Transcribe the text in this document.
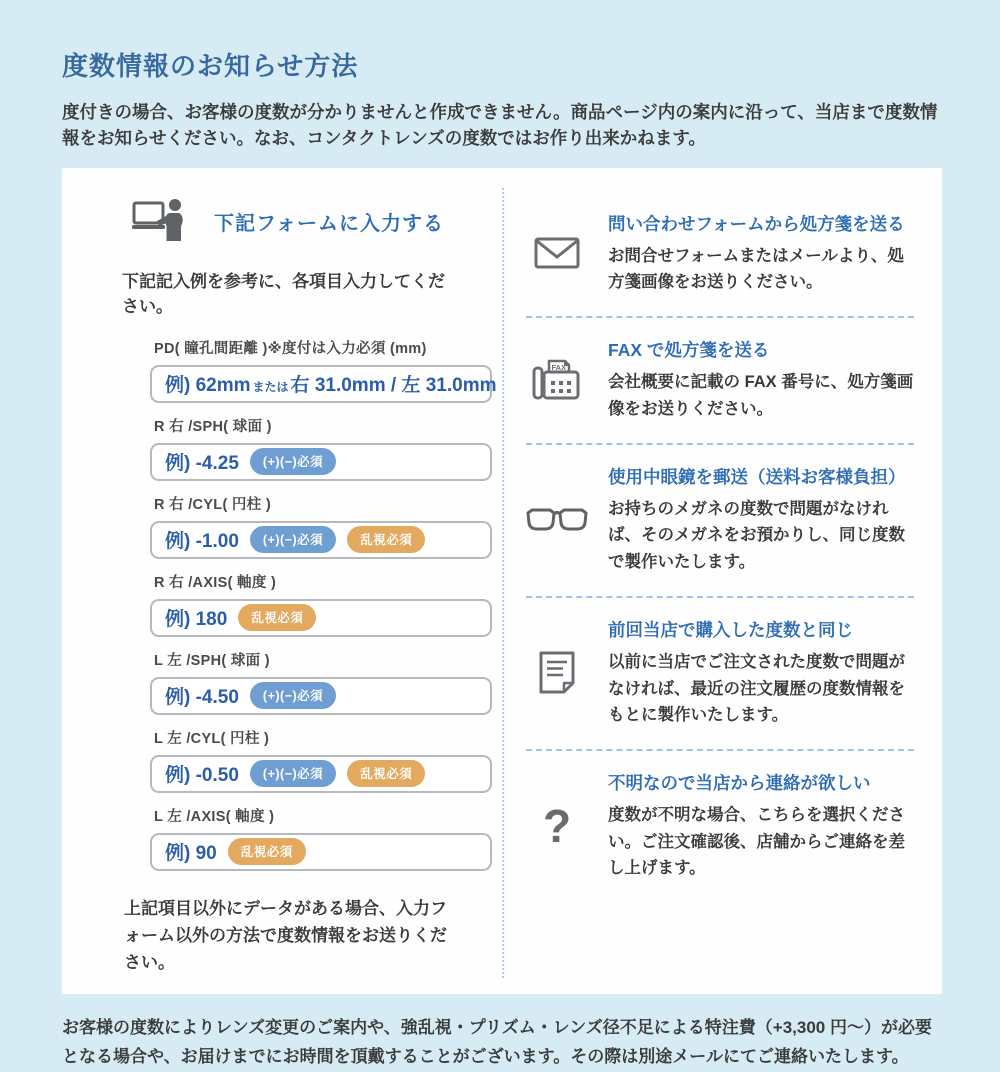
度数情報のお知らせ方法
度付きの場合、お客様の度数が分かりませんと作成できません。商品ページ内の案内に沿って、当店まで度数情報をお知らせください。なお、コンタクトレンズの度数ではお作り出来かねます。
下記フォームに入力する
下記記入例を参考に、各項目入力してください。
PD( 瞳孔間距離 )※度付は入力必須 (mm)
例) 62mm または 右 31.0mm / 左 31.0mm
R 右 /SPH( 球面 )
例) -4.25	(+)(−)必須
R 右 /CYL( 円柱 )
例) -1.00	(+)(−)必須	乱視必須
R 右 /AXIS( 軸度 )
例) 180	乱視必須
L 左 /SPH( 球面 )
例) -4.50	(+)(−)必須
L 左 /CYL( 円柱 )
例) -0.50	(+)(−)必須	乱視必須
L 左 /AXIS( 軸度 )
例) 90	乱視必須
上記項目以外にデータがある場合、入力フォーム以外の方法で度数情報をお送りください。
問い合わせフォームから処方箋を送る
お問合せフォームまたはメールより、処方箋画像をお送りください。
FAX
FAX で処方箋を送る
会社概要に記載の FAX 番号に、処方箋画像をお送りください。
使用中眼鏡を郵送（送料お客様負担）
お持ちのメガネの度数で問題がなければ、そのメガネをお預かりし、同じ度数で製作いたします。
前回当店で購入した度数と同じ
以前に当店でご注文された度数で問題がなければ、最近の注文履歴の度数情報をもとに製作いたします。
?
不明なので当店から連絡が欲しい
度数が不明な場合、こちらを選択ください。ご注文確認後、店舗からご連絡を差し上げます。
お客様の度数によりレンズ変更のご案内や、強乱視・プリズム・レンズ径不足による特注費（+3,300 円～）が必要となる場合や、お届けまでにお時間を頂戴することがございます。その際は別途メールにてご連絡いたします。
